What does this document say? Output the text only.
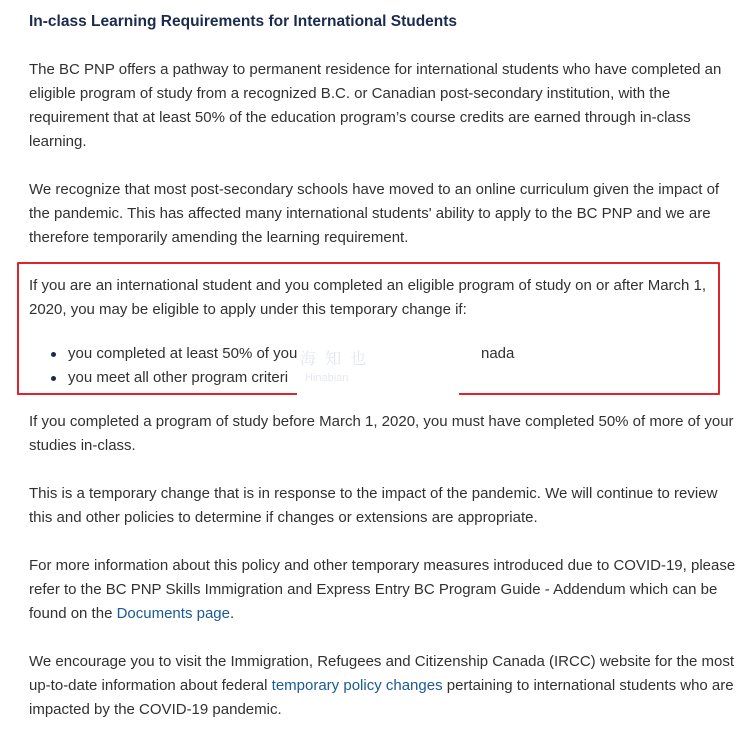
In-class Learning Requirements for International Students

The BC PNP offers a pathway to permanent residence for international students who have completed an eligible program of study from a recognized B.C. or Canadian post-secondary institution, with the requirement that at least 50% of the education program’s course credits are earned through in-class learning.

We recognize that most post-secondary schools have moved to an online curriculum given the impact of the pandemic. This has affected many international students' ability to apply to the BC PNP and we are therefore temporarily amending the learning requirement.

If you are an international student and you completed an eligible program of study on or after March 1, 2020, you may be eligible to apply under this temporary change if:

you completed at least 50% of you	nada
you meet all other program criteri

If you completed a program of study before March 1, 2020, you must have completed 50% of more of your studies in-class.

This is a temporary change that is in response to the impact of the pandemic. We will continue to review this and other policies to determine if changes or extensions are appropriate.

For more information about this policy and other temporary measures introduced due to COVID-19, please refer to the BC PNP Skills Immigration and Express Entry BC Program Guide - Addendum which can be found on the Documents page.

We encourage you to visit the Immigration, Refugees and Citizenship Canada (IRCC) website for the most up-to-date information about federal temporary policy changes pertaining to international students who are impacted by the COVID-19 pandemic.

海 知 也
Hinabian
